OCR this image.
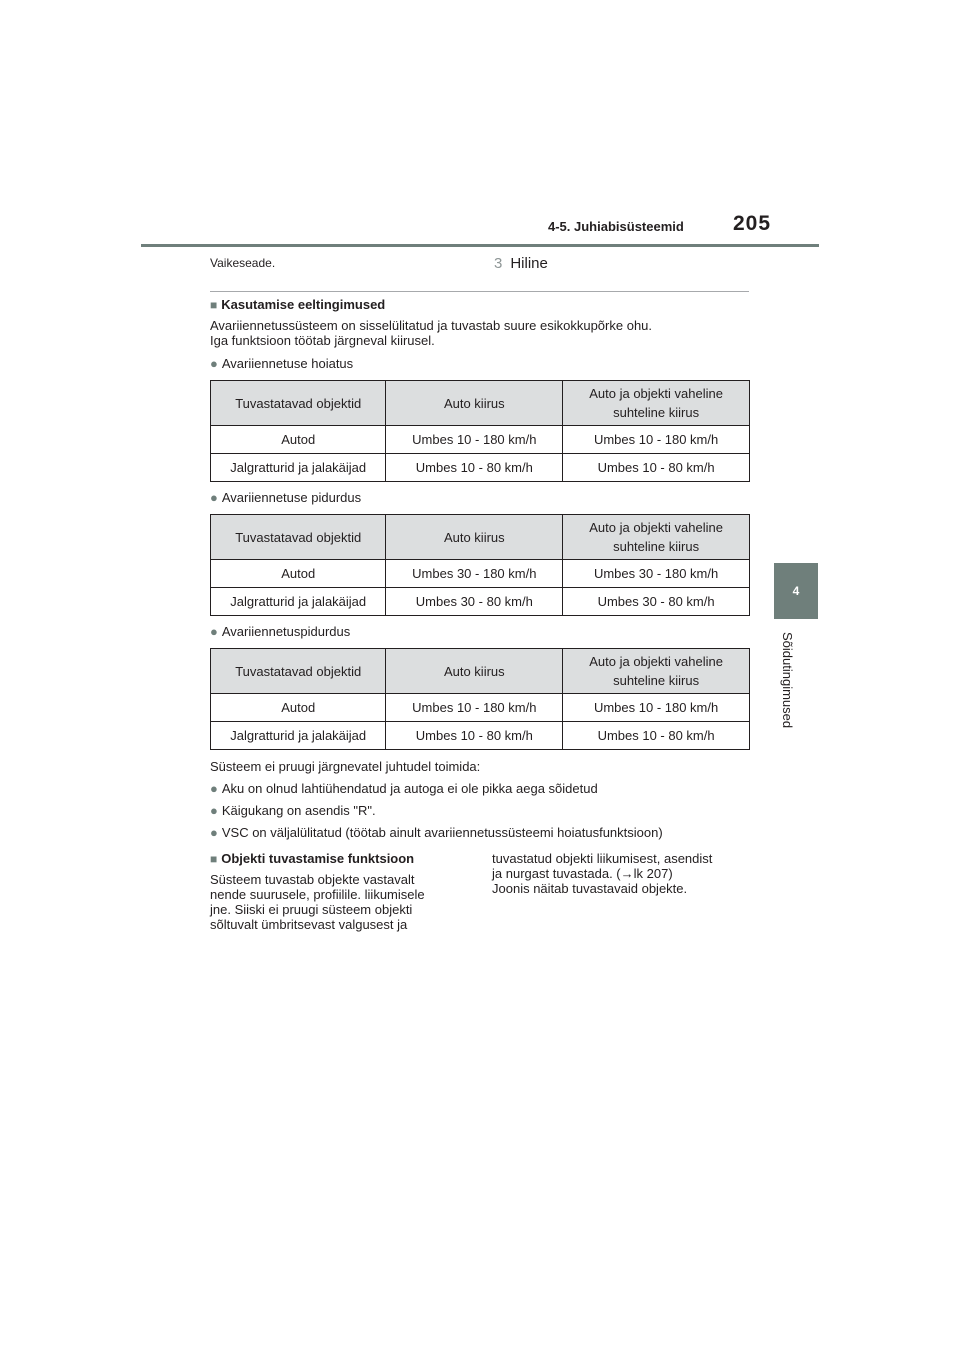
4-5. Juhiabisüsteemid 205
4
Sõidutingimused
Vaikeseade.	3 Hiline
■ Kasutamise eeltingimused
Avariiennetussüsteem on sisselülitatud ja tuvastab suure esikokkupõrke ohu.
Iga funktsioon töötab järgneval kiirusel.
● Avariiennetuse hoiatus
Tuvastatavad objektid	Auto kiirus	Auto ja objekti vaheline
suhteline kiirus
Autod	Umbes 10 - 180 km/h	Umbes 10 - 180 km/h
Jalgratturid ja jalakäijad	Umbes 10 - 80 km/h	Umbes 10 - 80 km/h
● Avariiennetuse pidurdus
Tuvastatavad objektid	Auto kiirus	Auto ja objekti vaheline
suhteline kiirus
Autod	Umbes 30 - 180 km/h	Umbes 30 - 180 km/h
Jalgratturid ja jalakäijad	Umbes 30 - 80 km/h	Umbes 30 - 80 km/h
● Avariiennetuspidurdus
Tuvastatavad objektid	Auto kiirus	Auto ja objekti vaheline
suhteline kiirus
Autod	Umbes 10 - 180 km/h	Umbes 10 - 180 km/h
Jalgratturid ja jalakäijad	Umbes 10 - 80 km/h	Umbes 10 - 80 km/h
Süsteem ei pruugi järgnevatel juhtudel toimida:
● Aku on olnud lahtiühendatud ja autoga ei ole pikka aega sõidetud
● Käigukang on asendis "R".
● VSC on väljalülitatud (töötab ainult avariiennetussüsteemi hoiatusfunktsioon)
■ Objekti tuvastamise funktsioon
Süsteem tuvastab objekte vastavalt
nende suurusele, profiilile. liikumisele
jne. Siiski ei pruugi süsteem objekti
sõltuvalt ümbritsevast valgusest ja
tuvastatud objekti liikumisest, asendist
ja nurgast tuvastada. (→lk 207)
Joonis näitab tuvastavaid objekte.
